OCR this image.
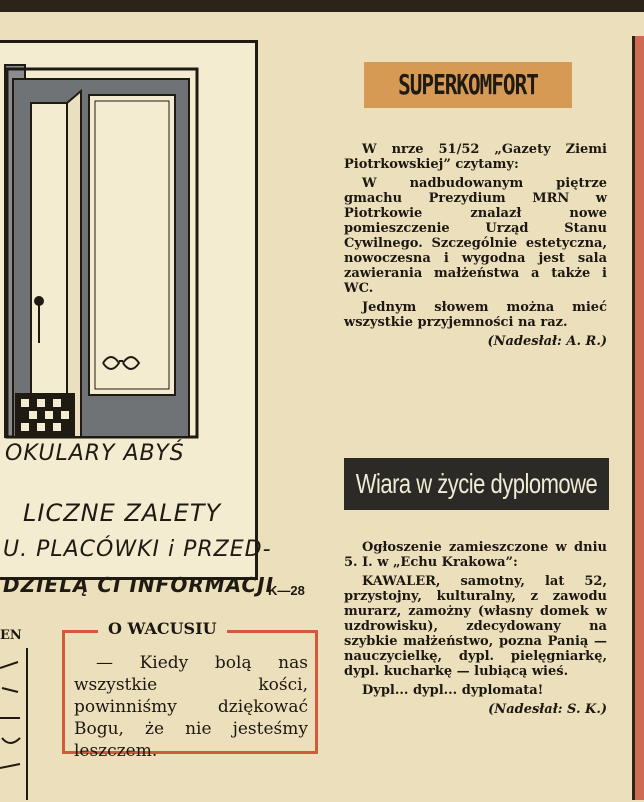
OKULARY ABYŚ
LICZNE ZALETY
U. PLACÓWKI i PRZED-
DZIELĄ CI INFORMACJI
K—28
EN	O WACUSIU

— Kiedy bolą nas wszystkie kości, powinniśmy dziękować Bogu, że nie jesteśmy leszczem.

SUPERKOMFORT

W nrze 51/52 „Gazety Ziemi Piotrkowskiej” czytamy:

W nadbudowanym piętrze gmachu Prezydium MRN w Piotrkowie znalazł nowe pomieszczenie Urząd Stanu Cywilnego. Szczególnie estetyczna, nowoczesna i wygodna jest sala zawierania małżeństwa a także i WC.

Jednym słowem można mieć wszystkie przyjemności na raz.

(Nadesłał: A. R.)

Wiara w życie dyplomowe

Ogłoszenie zamieszczone w dniu 5. I. w „Echu Krakowa”:

KAWALER, samotny, lat 52, przystojny, kulturalny, z zawodu murarz, zamożny (własny domek w uzdrowisku), zdecydowany na szybkie małżeństwo, pozna Panią — nauczycielkę, dypl. pielęgniarkę, dypl. kucharkę — lubiącą wieś.

Dypl... dypl... dyplomata!

(Nadesłał: S. K.)
